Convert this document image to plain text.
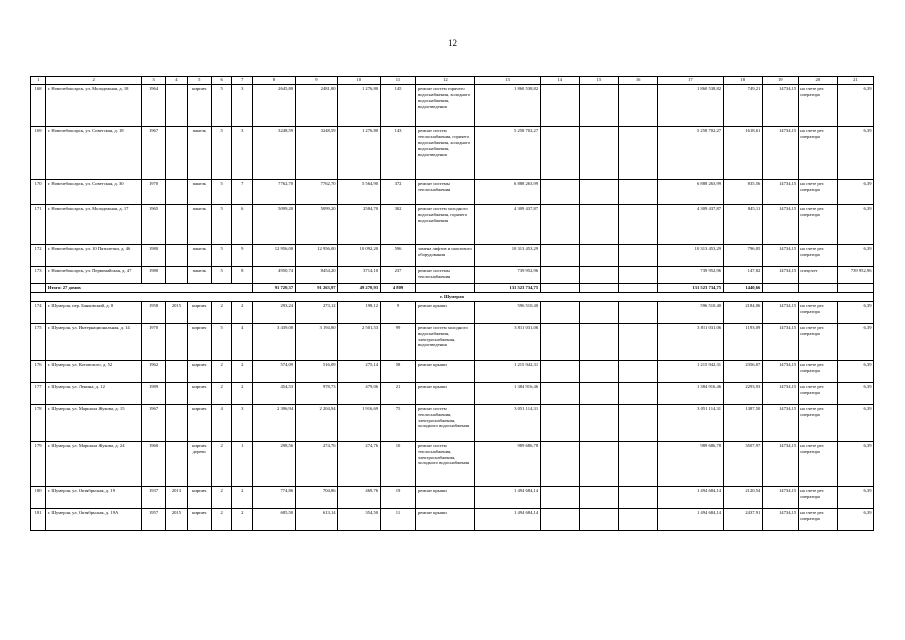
12
1	2	3	4	5	6	7	8	9	10	11	12	13	14	15	16	17	18	19	20	21
168	г. Новочебоксарск, ул. Молодежная, д. 18	1964		кирпич	5	3	2645,80	2481,80	1 276,80	145	ремонт систем горячего водоснабжения, холодного водоснабжения, водоотведения	1 860 538,82				1 860 538,82	749,21	14734,15	на счете рег. оператора	6,39
169	г. Новочебоксарск, ул. Советская, д. 18	1967		панель	5	3	3248,59	3248,59	1 276,80	143	ремонт систем теплоснабжения, горячего водоснабжения, холодного водоснабжения, водоотведения	5 258 702,27				5 258 702,27	1618,61	14734,15	на счете рег. оператора	6,39
170	г. Новочебоксарск, ул. Советская, д. 30	1970		панель	5	7	7762,70	7762,70	5 564,90	372	ремонт системы теплоснабжения	6 888 263,99				6 888 263,99	835,56	14734,15	на счете рег. оператора	6,39
171	г. Новочебоксарск, ул. Молодежная, д. 17	1965		панель	5	6	5099,20	5099,20	2584,70	302	ремонт систем холодного водоснабжения, горячего водоснабжения	4 309 437,87				4 309 437,87	845,11	14734,15	на счете рег. оператора	6,39
172	г. Новочебоксарск, ул. 10 Пятилетки, д. 46	1980		панель	5	9	12 956,00	12 956,00	10 092,20	596	замена лифтов и шахтового оборудования	10 313 453,29				10 313 453,29	796,05	14734,15	на счете рег. оператора	6,39
173	г. Новочебоксарск, ул. Первомайская, д. 47	1980		панель	5	8	4950,74	8454,20	3714,10	237	ремонт системы теплоснабжения	739 952,96				739 952,96	147,82	14734,15	спецсчет	739 952,96
	Итого: 27 домов						91 720,37	91 263,97	49 270,93	4 809		131 523 734,75				131 523 734,75	1440,66			
г. Шумерля																				
174	г. Шумерля, пер. Банковский, д. 8	1958	2015	кирпич	2	2	293,24	273,12	198,12	9	ремонт крыши	596 510,40				596 510,40	2184,06	14734,15	на счете рег. оператора	6,39
175	г. Шумерля, ул. Интернациональная, д. 14	1970		кирпич	5	4	3 439,00	3 194,80	2 501,53	99	ремонт систем холодного водоснабжения, электроснабжения, водоотведения	3 811 031,06				3 811 031,06	1193,09	14734,15	на счете рег. оператора	6,39
176	г. Шумерля, ул. Котовского, д. 52	1962		кирпич	2	2	574,09	516,09	275,14	58	ремонт крыши	1 215 942,31				1 215 942,31	2356,07	14734,15	на счете рег. оператора	6,39
177	г. Шумерля, ул. Ленина, д. 12	1989		кирпич	2	2	454,53	978,73	479,06	21	ремонт крыши	1 384 916,46				1 384 916,46	2293,93	14734,15	на счете рег. оператора	6,39
178	г. Шумерля, ул. Маршала Жукова, д. 15	1967		кирпич	4	3	2 396,94	2 204,94	1 916,69	75	ремонт систем теплоснабжения, электроснабжения, холодного водоснабжения	3 051 114,31				3 051 114,31	1387,50	14734,15	на счете рег. оператора	6,39
179	г. Шумерля, ул. Маршала Жукова, д. 24	1960		кирпич дерево	2	1	298,56	274,76	274,76	10	ремонт систем теплоснабжения, электроснабжения, холодного водоснабжения	989 686,78				989 686,78	3507,97	14734,15	на счете рег. оператора	6,39
180	г. Шумерля, ул. Октябрьская, д. 19	1937	2013	кирпич	2	2	774,86	704,86	469,76	19	ремонт крыши	1 494 684,14				1 494 684,14	2120,54	14734,15	на счете рег. оператора	6,39
181	г. Шумерля, ул. Октябрьская, д. 19А	1957	2015	кирпич	2	2	685,50	613,14	354,50	11	ремонт крыши	1 494 684,14				1 494 684,14	2437,91	14734,15	на счете рег. оператора	6,39
